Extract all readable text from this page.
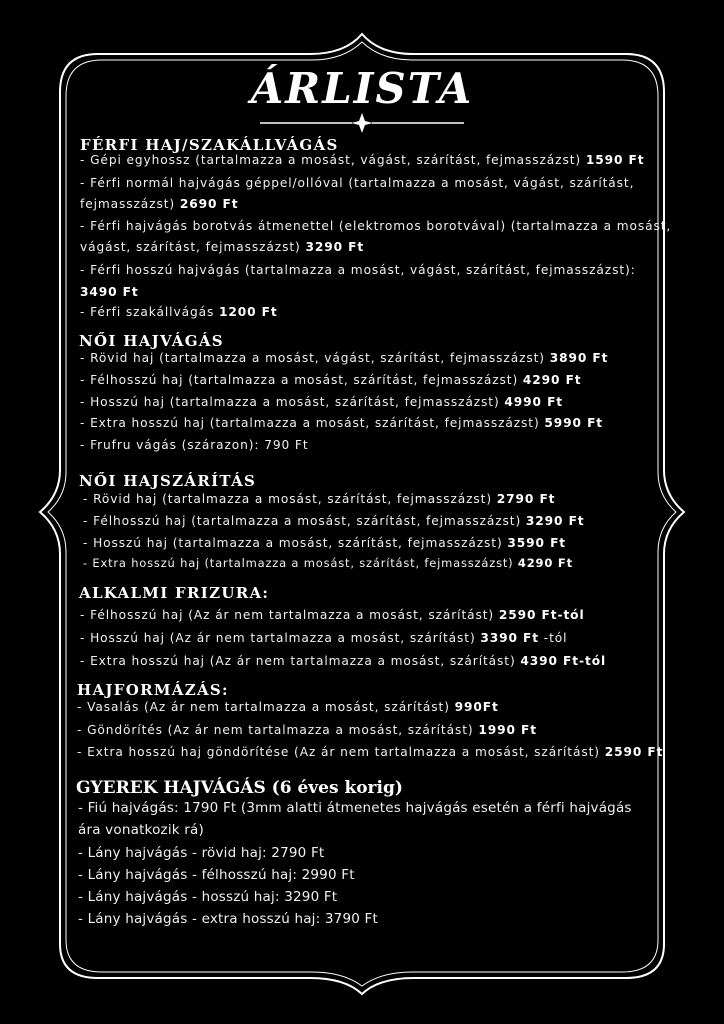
ÁRLISTA
FÉRFI HAJ/SZAKÁLLVÁGÁS
- Gépi egyhossz (tartalmazza a mosást, vágást, szárítást, fejmasszázst) 1590 Ft
- Férfi normál hajvágás géppel/ollóval (tartalmazza a mosást, vágást, szárítást,
fejmasszázst) 2690 Ft
- Férfi hajvágás borotvás átmenettel (elektromos borotvával) (tartalmazza a mosást,
vágást, szárítást, fejmasszázst) 3290 Ft
- Férfi hosszú hajvágás (tartalmazza a mosást, vágást, szárítást, fejmasszázst):
3490 Ft
- Férfi szakállvágás 1200 Ft
NŐI HAJVÁGÁS
- Rövid haj (tartalmazza a mosást, vágást, szárítást, fejmasszázst) 3890 Ft
- Félhosszú haj (tartalmazza a mosást, szárítást, fejmasszázst) 4290 Ft
- Hosszú haj (tartalmazza a mosást, szárítást, fejmasszázst) 4990 Ft
- Extra hosszú haj (tartalmazza a mosást, szárítást, fejmasszázst) 5990 Ft
- Frufru vágás (szárazon): 790 Ft
NŐI HAJSZÁRÍTÁS
- Rövid haj (tartalmazza a mosást, szárítást, fejmasszázst) 2790 Ft
- Félhosszú haj (tartalmazza a mosást, szárítást, fejmasszázst) 3290 Ft
- Hosszú haj (tartalmazza a mosást, szárítást, fejmasszázst) 3590 Ft
- Extra hosszú haj (tartalmazza a mosást, szárítást, fejmasszázst) 4290 Ft
ALKALMI FRIZURA:
- Félhosszú haj (Az ár nem tartalmazza a mosást, szárítást) 2590 Ft-tól
- Hosszú haj (Az ár nem tartalmazza a mosást, szárítást) 3390 Ft -tól
- Extra hosszú haj (Az ár nem tartalmazza a mosást, szárítást) 4390 Ft-tól
HAJFORMÁZÁS:
- Vasalás (Az ár nem tartalmazza a mosást, szárítást) 990Ft
- Göndörítés (Az ár nem tartalmazza a mosást, szárítást) 1990 Ft
- Extra hosszú haj göndörítése (Az ár nem tartalmazza a mosást, szárítást) 2590 Ft
GYEREK HAJVÁGÁS (6 éves korig)
- Fiú hajvágás: 1790 Ft (3mm alatti átmenetes hajvágás esetén a férfi hajvágás
ára vonatkozik rá)
- Lány hajvágás - rövid haj: 2790 Ft
- Lány hajvágás - félhosszú haj: 2990 Ft
- Lány hajvágás - hosszú haj: 3290 Ft
- Lány hajvágás - extra hosszú haj: 3790 Ft
